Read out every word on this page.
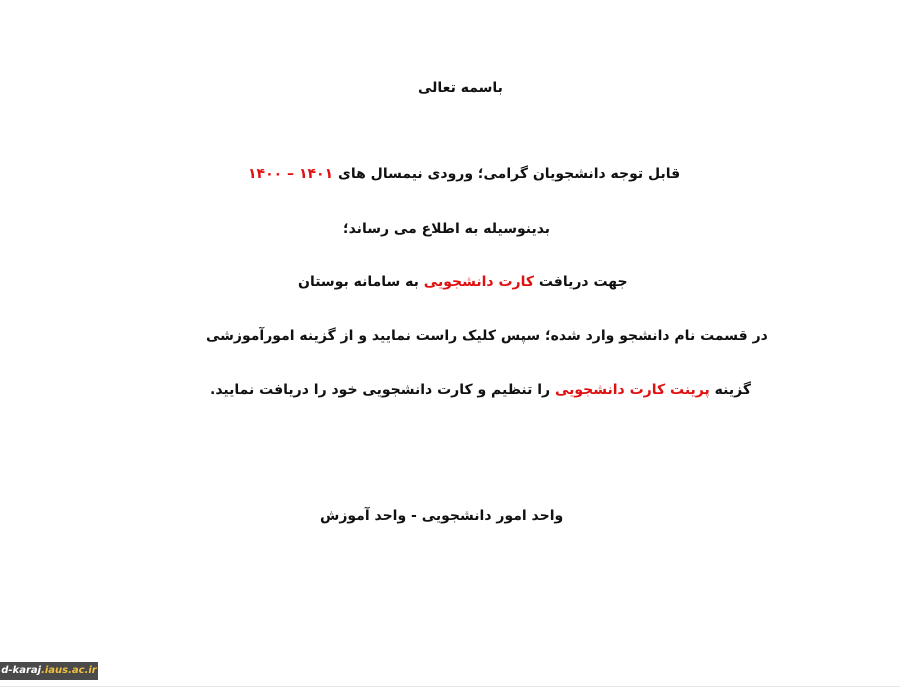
باسمه تعالی
قابل توجه دانشجویان گرامی؛ ورودی نیمسال های ۱۴۰۱ – ۱۴۰۰
بدینوسیله به اطلاع می رساند؛
جهت دریافت کارت دانشجویی به سامانه بوستان
در قسمت نام دانشجو وارد شده؛ سپس کلیک راست نمایید و از گزینه امورآموزشی
گزینه پرینت کارت دانشجویی را تنظیم و کارت دانشجویی خود را دریافت نمایید.
واحد امور دانشجویی - واحد آموزش
d-karaj.iaus.ac.ir
